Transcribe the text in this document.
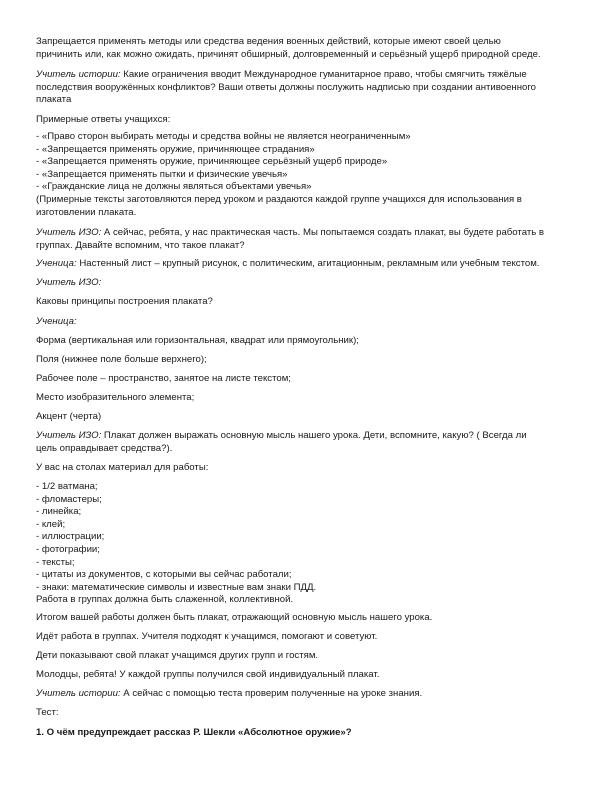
Запрещается применять методы или средства ведения военных действий, которые имеют своей целью
причинить или, как можно ожидать, причинят обширный, долговременный и серьёзный ущерб природной среде.

Учитель истории: Какие ограничения вводит Международное гуманитарное право, чтобы смягчить тяжёлые
последствия вооружённых конфликтов? Ваши ответы должны послужить надписью при создании антивоенного
плаката

Примерные ответы учащихся:

- «Право сторон выбирать методы и средства войны не является неограниченным»
- «Запрещается применять оружие, причиняющее страдания»
- «Запрещается применять оружие, причиняющее серьёзный ущерб природе»
- «Запрещается применять пытки и физические увечья»
- «Гражданские лица не должны являться объектами увечья»
(Примерные тексты заготовляются перед уроком и раздаются каждой группе учащихся для использования в
изготовлении плаката.

Учитель ИЗО: А сейчас, ребята, у нас практическая часть. Мы попытаемся создать плакат, вы будете работать в
группах. Давайте вспомним, что такое плакат?

Ученица: Настенный лист – крупный рисунок, с политическим, агитационным, рекламным или учебным текстом.

Учитель ИЗО:

Каковы принципы построения плаката?

Ученица:

Форма (вертикальная или горизонтальная, квадрат или прямоугольник);

Поля (нижнее поле больше верхнего);

Рабочее поле – пространство, занятое на листе текстом;

Место изобразительного элемента;

Акцент (черта)

Учитель ИЗО: Плакат должен выражать основную мысль нашего урока. Дети, вспомните, какую? ( Всегда ли
цель оправдывает средства?).

У вас на столах материал для работы:

- 1/2 ватмана;
- фломастеры;
- линейка;
- клей;
- иллюстрации;
- фотографии;
- тексты;
- цитаты из документов, с которыми вы сейчас работали;
- знаки: математические символы и известные вам знаки ПДД.
Работа в группах должна быть слаженной, коллективной.

Итогом вашей работы должен быть плакат, отражающий основную мысль нашего урока.

Идёт работа в группах. Учителя подходят к учащимся, помогают и советуют.

Дети показывают свой плакат учащимся других групп и гостям.

Молодцы, ребята! У каждой группы получился свой индивидуальный плакат.

Учитель истории: А сейчас с помощью теста проверим полученные на уроке знания.

Тест:

1. О чём предупреждает рассказ Р. Шекли «Абсолютное оружие»?
